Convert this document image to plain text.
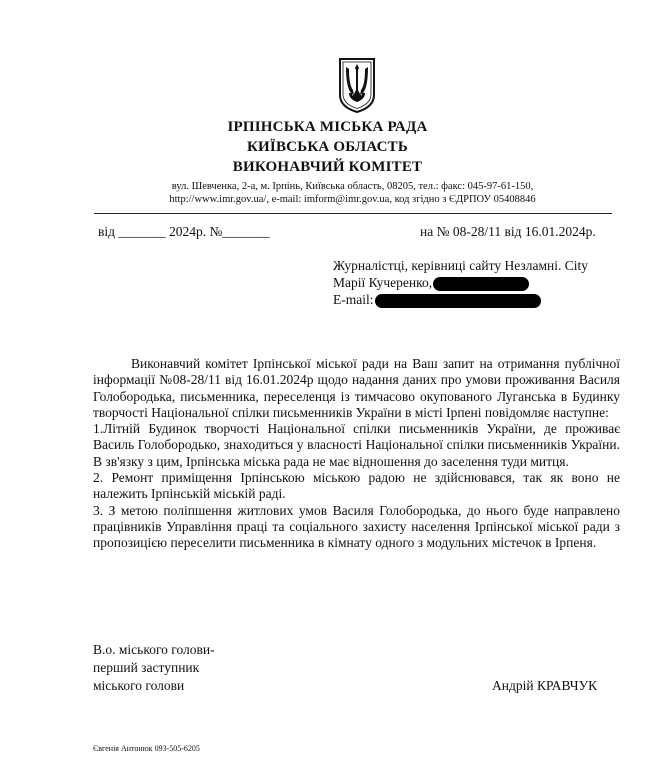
ІРПІНСЬКА МІСЬКА РАДА
КИЇВСЬКА ОБЛАСТЬ
ВИКОНАВЧИЙ КОМІТЕТ
вул. Шевченка, 2-а, м. Ірпінь, Київська область, 08205, тел.: факс: 045-97-61-150,
http://www.imr.gov.ua/, e-mail: imform@imr.gov.ua, код згідно з ЄДРПОУ 05408846
від _______ 2024р. №_______	на № 08-28/11 від 16.01.2024р.
Журналістці, керівниці сайту Незламні. City
Марії Кучеренко,
E-mail:

Виконавчий комітет Ірпінської міської ради на Ваш запит на отримання публічної інформації №08-28/11 від 16.01.2024р щодо надання даних про умови проживання Василя Голобородька, письменника, переселенця із тимчасово окупованого Луганська в Будинку творчості Національної спілки письменників України в місті Ірпені повідомляє наступне:

1.Літній Будинок творчості Національної спілки письменників України, де проживає Василь Голобородько, знаходиться у власності Національної спілки письменників України. В зв'язку з цим, Ірпінська міська рада не має відношення до заселення туди митця.

2. Ремонт приміщення Ірпінською міською радою не здійснювався, так як воно не належить Ірпінській міській раді.

3. З метою поліпшення житлових умов Василя Голобородька, до нього буде направлено працівників Управління праці та соціального захисту населення Ірпінської міської ради з пропозицією переселити письменника в кімнату одного з модульних містечок в Ірпеня.

В.о. міського голови-
перший заступник
міського голови	Андрій КРАВЧУК
Євгенія Антонюк 093-505-6205
